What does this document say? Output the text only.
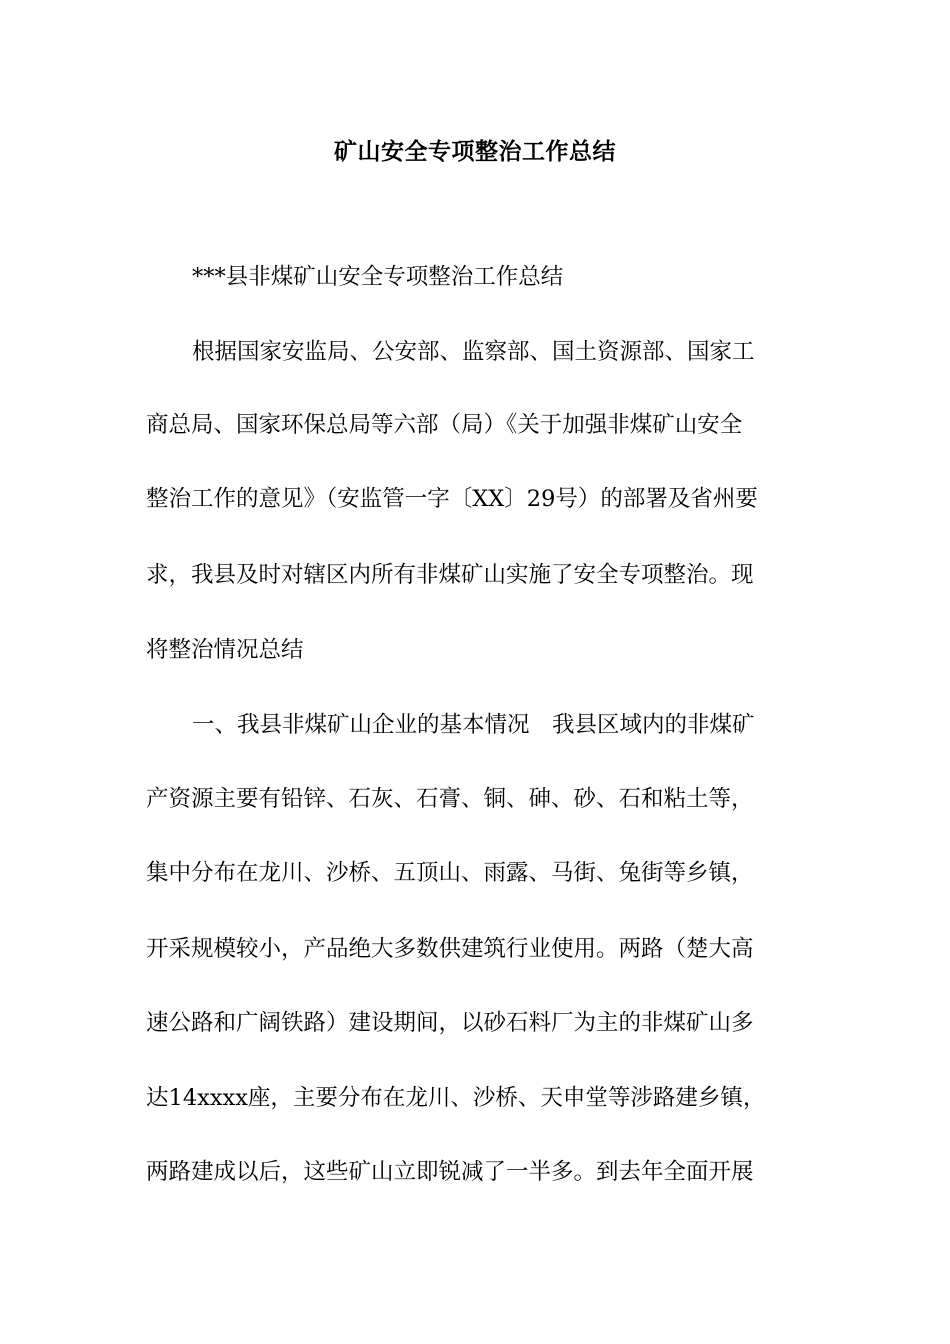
矿山安全专项整治工作总结
***县非煤矿山安全专项整治工作总结
根据国家安监局、公安部、监察部、国土资源部、国家工
商总局、国家环保总局等六部（局）《关于加强非煤矿山安全
整治工作的意见》（安监管一字〔XX〕29号）的部署及省州要
求，我县及时对辖区内所有非煤矿山实施了安全专项整治。现
将整治情况总结
一、我县非煤矿山企业的基本情况　我县区域内的非煤矿
产资源主要有铅锌、石灰、石膏、铜、砷、砂、石和粘土等，
集中分布在龙川、沙桥、五顶山、雨露、马街、兔街等乡镇，
开采规模较小，产品绝大多数供建筑行业使用。两路（楚大高
速公路和广阔铁路）建设期间，以砂石料厂为主的非煤矿山多
达14xxxx座，主要分布在龙川、沙桥、天申堂等涉路建乡镇，
两路建成以后，这些矿山立即锐减了一半多。到去年全面开展
